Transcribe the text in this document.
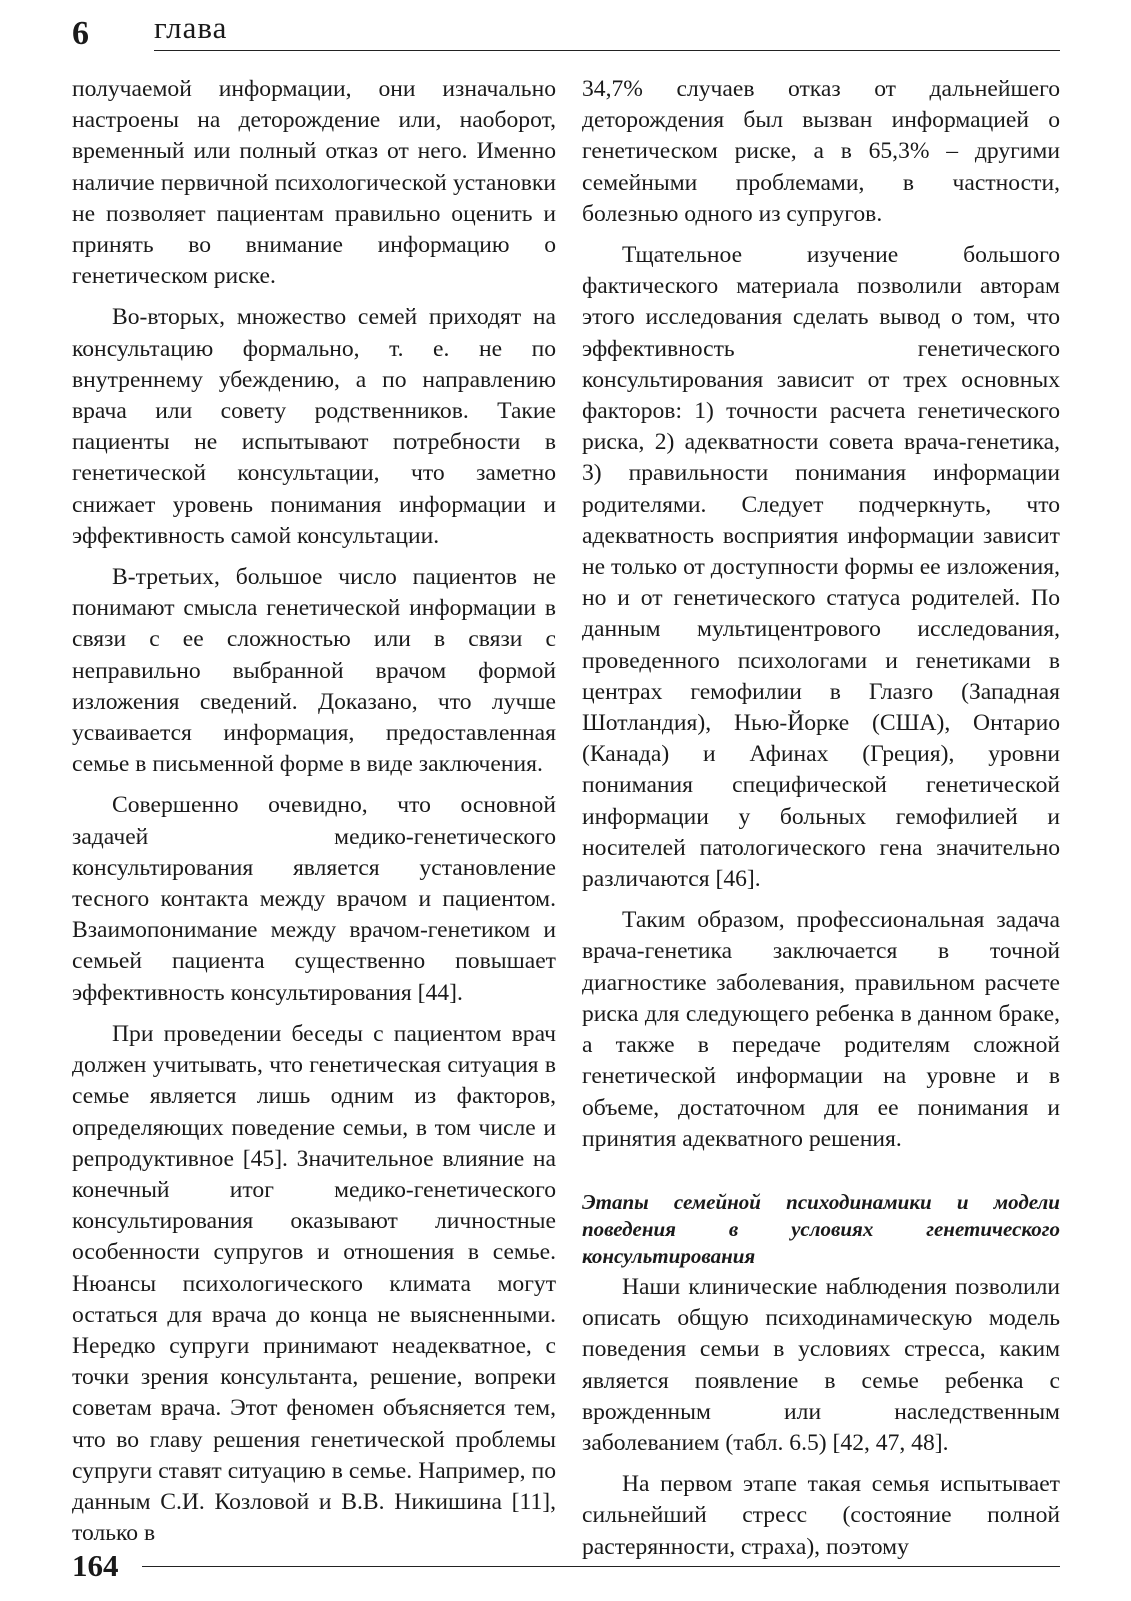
6 глава

получаемой информации, они изначально настроены на деторождение или, наоборот, временный или полный отказ от него. Именно наличие первичной психологической установки не позволяет пациентам правильно оценить и принять во внимание информацию о генетическом риске.

Во-вторых, множество семей приходят на консультацию формально, т. е. не по внутреннему убеждению, а по направлению врача или совету родственников. Такие пациенты не испытывают потребности в генетической консультации, что заметно снижает уровень понимания информации и эффективность самой консультации.

В-третьих, большое число пациентов не понимают смысла генетической информации в связи с ее сложностью или в связи с неправильно выбранной врачом формой изложения сведений. Доказано, что лучше усваивается информация, предоставленная семье в письменной форме в виде заключения.

Совершенно очевидно, что основной задачей медико-генетического консультирования является установление тесного контакта между врачом и пациентом. Взаимопонимание между врачом-генетиком и семьей пациента существенно повышает эффективность консультирования [44].

При проведении беседы с пациентом врач должен учитывать, что генетическая ситуация в семье является лишь одним из факторов, определяющих поведение семьи, в том числе и репродуктивное [45]. Значительное влияние на конечный итог медико-генетического консультирования оказывают личностные особенности супругов и отношения в семье. Нюансы психологического климата могут остаться для врача до конца не выясненными. Нередко супруги принимают неадекватное, с точки зрения консультанта, решение, вопреки советам врача. Этот феномен объясняется тем, что во главу решения генетической проблемы супруги ставят ситуацию в семье. Например, по данным С.И. Козловой и В.В. Никишина [11], только в

34,7% случаев отказ от дальнейшего деторождения был вызван информацией о генетическом риске, а в 65,3% – другими семейными проблемами, в частности, болезнью одного из супругов.

Тщательное изучение большого фактического материала позволили авторам этого исследования сделать вывод о том, что эффективность генетического консультирования зависит от трех основных факторов: 1) точности расчета генетического риска, 2) адекватности совета врача-генетика, 3) правильности понимания информации родителями. Следует подчеркнуть, что адекватность восприятия информации зависит не только от доступности формы ее изложения, но и от генетического статуса родителей. По данным мультицентрового исследования, проведенного психологами и генетиками в центрах гемофилии в Глазго (Западная Шотландия), Нью-Йорке (США), Онтарио (Канада) и Афинах (Греция), уровни понимания специфической генетической информации у больных гемофилией и носителей патологического гена значительно различаются [46].

Таким образом, профессиональная задача врача-генетика заключается в точной диагностике заболевания, правильном расчете риска для следующего ребенка в данном браке, а также в передаче родителям сложной генетической информации на уровне и в объеме, достаточном для ее понимания и принятия адекватного решения.

Этапы семейной психодинамики и модели поведения в условиях генетического консультирования

Наши клинические наблюдения позволили описать общую психодинамическую модель поведения семьи в условиях стресса, каким является появление в семье ребенка с врожденным или наследственным заболеванием (табл. 6.5) [42, 47, 48].

На первом этапе такая семья испытывает сильнейший стресс (состояние полной растерянности, страха), поэтому

164
